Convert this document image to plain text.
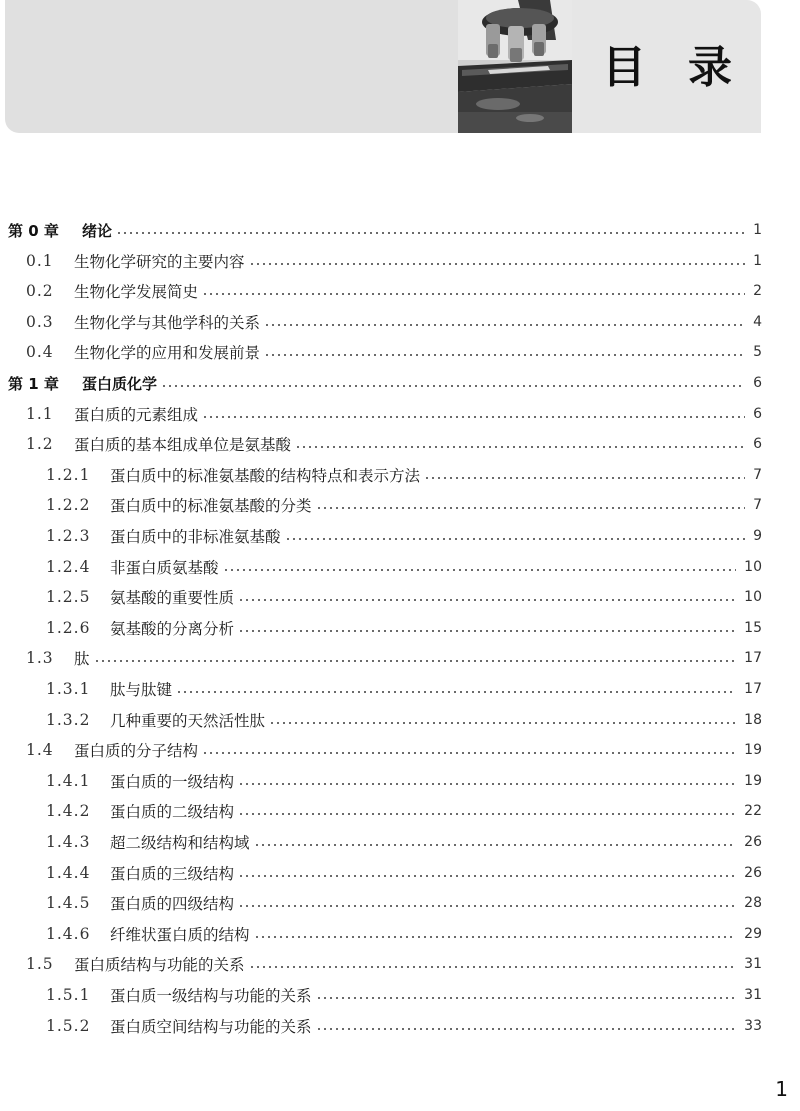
目录
第 0 章	绪论	1
0.1	生物化学研究的主要内容	1
0.2	生物化学发展简史	2
0.3	生物化学与其他学科的关系	4
0.4	生物化学的应用和发展前景	5
第 1 章	蛋白质化学	6
1.1	蛋白质的元素组成	6
1.2	蛋白质的基本组成单位是氨基酸	6
1.2.1	蛋白质中的标准氨基酸的结构特点和表示方法	7
1.2.2	蛋白质中的标准氨基酸的分类	7
1.2.3	蛋白质中的非标准氨基酸	9
1.2.4	非蛋白质氨基酸	10
1.2.5	氨基酸的重要性质	10
1.2.6	氨基酸的分离分析	15
1.3	肽	17
1.3.1	肽与肽键	17
1.3.2	几种重要的天然活性肽	18
1.4	蛋白质的分子结构	19
1.4.1	蛋白质的一级结构	19
1.4.2	蛋白质的二级结构	22
1.4.3	超二级结构和结构域	26
1.4.4	蛋白质的三级结构	26
1.4.5	蛋白质的四级结构	28
1.4.6	纤维状蛋白质的结构	29
1.5	蛋白质结构与功能的关系	31
1.5.1	蛋白质一级结构与功能的关系	31
1.5.2	蛋白质空间结构与功能的关系	33
1
